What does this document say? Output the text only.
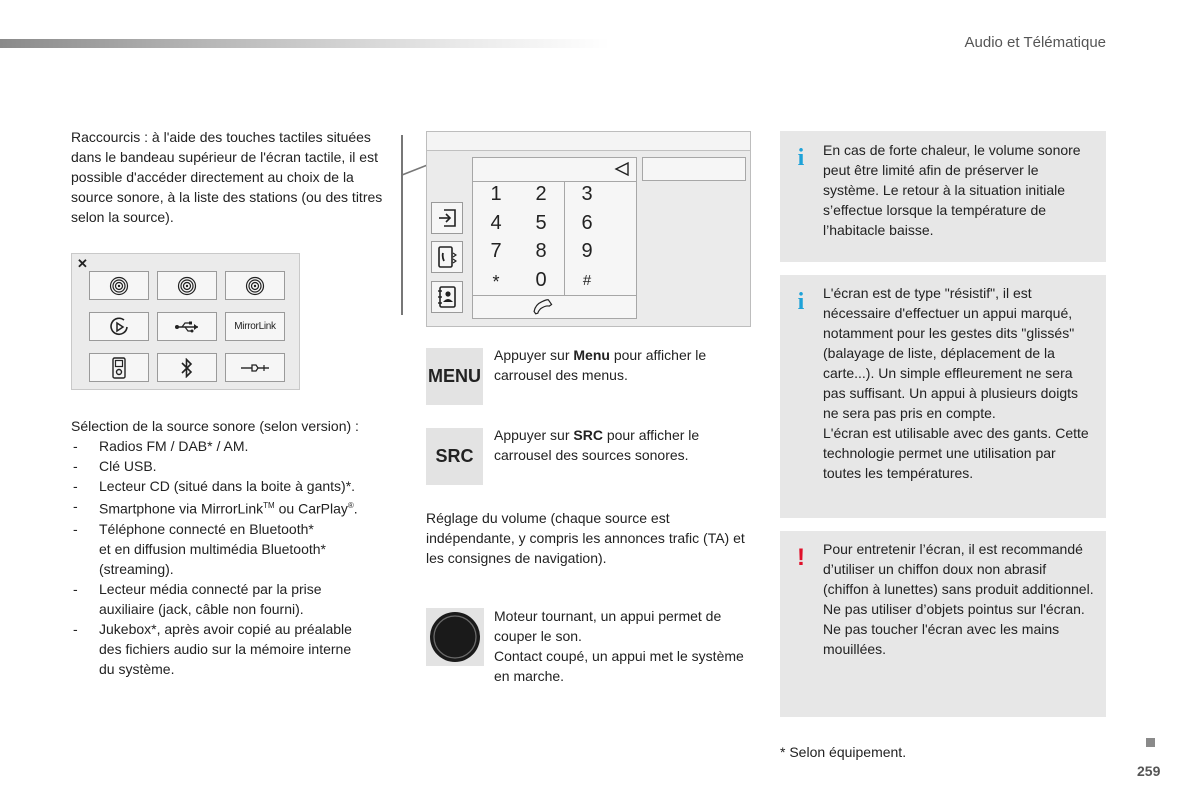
Audio et Télématique
Raccourcis : à l'aide des touches tactiles situées dans le bandeau supérieur de l'écran tactile, il est possible d'accéder directement au choix de la source sonore, à la liste des stations (ou des titres selon la source).
✕
MirrorLink
Sélection de la source sonore (selon version) :
- Radios FM / DAB* / AM.
- Clé USB.
- Lecteur CD (situé dans la boite à gants)*.
- Smartphone via MirrorLink™ ou CarPlay®.
- Téléphone connecté en Bluetooth*
et en diffusion multimédia Bluetooth*
(streaming).
- Lecteur média connecté par la prise
auxiliaire (jack, câble non fourni).
- Jukebox*, après avoir copié au préalable
des fichiers audio sur la mémoire interne
du système.
1	2	3
4	5	6
7	8	9
*	0	#
MENU
Appuyer sur Menu pour afficher le carrousel des menus.
SRC
Appuyer sur SRC pour afficher le carrousel des sources sonores.
Réglage du volume (chaque source est indépendante, y compris les annonces trafic (TA) et les consignes de navigation).
Moteur tournant, un appui permet de couper le son.
Contact coupé, un appui met le système en marche.
i En cas de forte chaleur, le volume sonore peut être limité afin de préserver le système. Le retour à la situation initiale s’effectue lorsque la température de l’habitacle baisse.
i L'écran est de type "résistif", il est nécessaire d'effectuer un appui marqué, notamment pour les gestes dits "glissés" (balayage de liste, déplacement de la carte...). Un simple effleurement ne sera pas suffisant. Un appui à plusieurs doigts ne sera pas pris en compte.
L'écran est utilisable avec des gants. Cette technologie permet une utilisation par toutes les températures.
! Pour entretenir l’écran, il est recommandé d’utiliser un chiffon doux non abrasif (chiffon à lunettes) sans produit additionnel.
Ne pas utiliser d’objets pointus sur l'écran.
Ne pas toucher l'écran avec les mains mouillées.
* Selon équipement.
259
